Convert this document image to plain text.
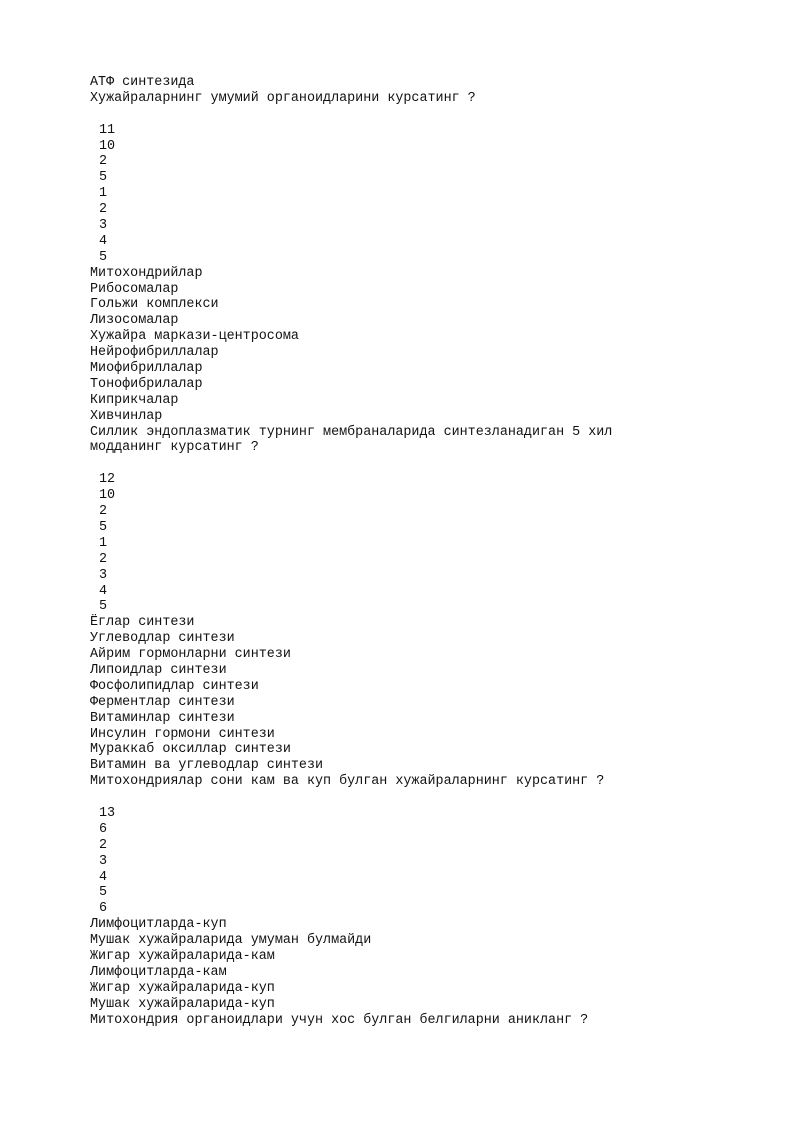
АТФ синтезида
Хужайраларнинг умумий органоидларини курсатинг ?
11
10
2
5
1
2
3
4
5
Митохондрийлар
Рибосомалар
Гольжи комплекси
Лизосомалар
Хужайра маркази-центросома
Нейрофибриллалар
Миофибриллалар
Тонофибрилалар
Киприкчалар
Хивчинлар
Силлик эндоплазматик турнинг мембраналарида синтезланадиган 5 хил
модданинг курсатинг ?
12
10
2
5
1
2
3
4
5
Ёглар синтези
Углеводлар синтези
Айрим гормонларни синтези
Липоидлар синтези
Фосфолипидлар синтези
Ферментлар синтези
Витаминлар синтези
Инсулин гормони синтези
Мураккаб оксиллар синтези
Витамин ва углеводлар синтези
Митохондриялар сони кам ва куп булган хужайраларнинг курсатинг ?
13
6
2
3
4
5
6
Лимфоцитларда-куп
Мушак хужайраларида умуман булмайди
Жигар хужайраларида-кам
Лимфоцитларда-кам
Жигар хужайраларида-куп
Мушак хужайраларида-куп
Митохондрия органоидлари учун хос булган белгиларни аникланг ?
